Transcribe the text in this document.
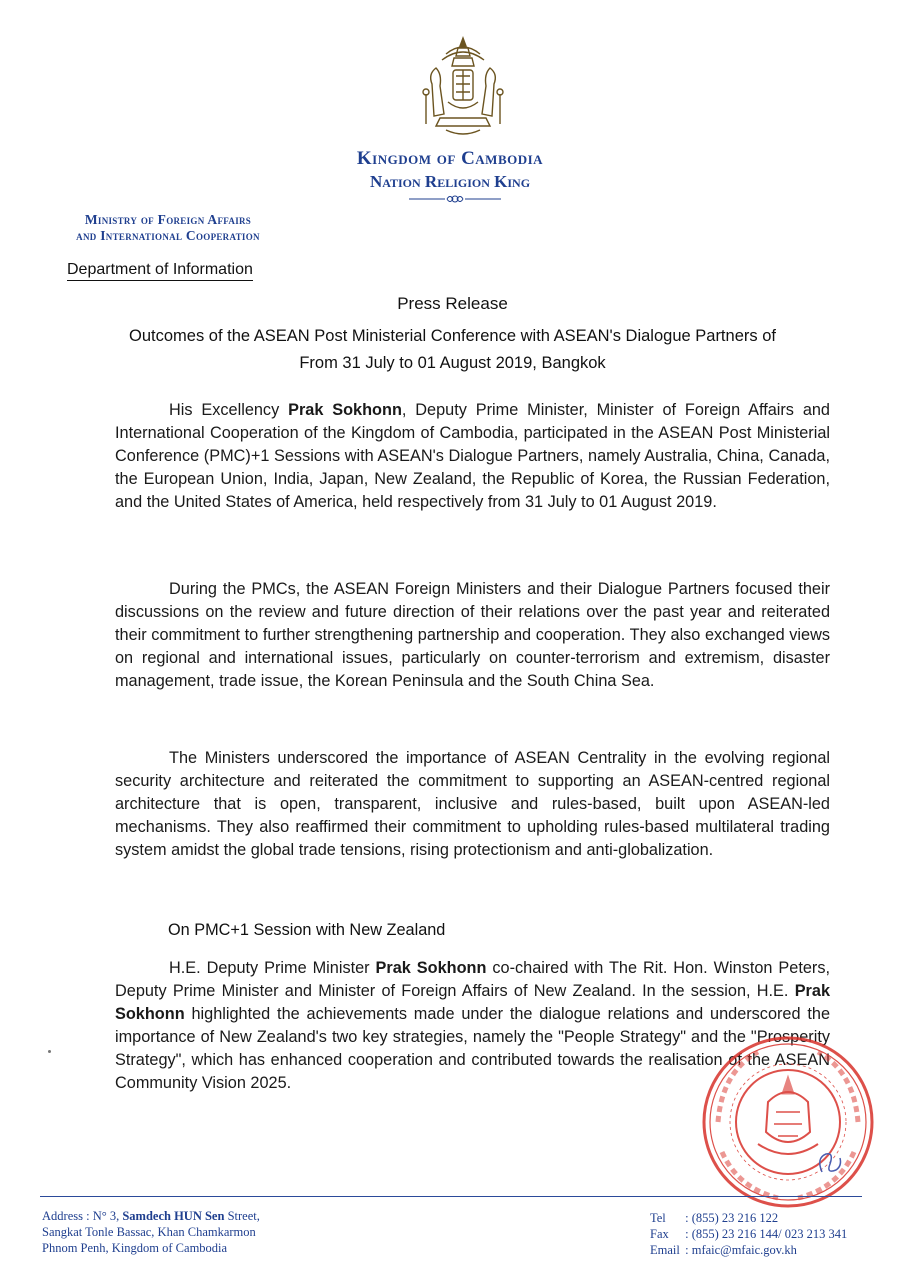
Kingdom of Cambodia
Nation Religion King
Ministry of Foreign Affairs
and International Cooperation
Department of Information
Press Release
Outcomes of the ASEAN Post Ministerial Conference with ASEAN's Dialogue Partners of
From 31 July to 01 August 2019, Bangkok

His Excellency Prak Sokhonn, Deputy Prime Minister, Minister of Foreign Affairs and International Cooperation of the Kingdom of Cambodia, participated in the ASEAN Post Ministerial Conference (PMC)+1 Sessions with ASEAN's Dialogue Partners, namely Australia, China, Canada, the European Union, India, Japan, New Zealand, the Republic of Korea, the Russian Federation, and the United States of America, held respectively from 31 July to 01 August 2019.

During the PMCs, the ASEAN Foreign Ministers and their Dialogue Partners focused their discussions on the review and future direction of their relations over the past year and reiterated their commitment to further strengthening partnership and cooperation. They also exchanged views on regional and international issues, particularly on counter-terrorism and extremism, disaster management, trade issue, the Korean Peninsula and the South China Sea.

The Ministers underscored the importance of ASEAN Centrality in the evolving regional security architecture and reiterated the commitment to supporting an ASEAN-centred regional architecture that is open, transparent, inclusive and rules-based, built upon ASEAN-led mechanisms. They also reaffirmed their commitment to upholding rules-based multilateral trading system amidst the global trade tensions, rising protectionism and anti-globalization.

On PMC+1 Session with New Zealand

H.E. Deputy Prime Minister Prak Sokhonn co-chaired with The Rit. Hon. Winston Peters, Deputy Prime Minister and Minister of Foreign Affairs of New Zealand. In the session, H.E. Prak Sokhonn highlighted the achievements made under the dialogue relations and underscored the importance of New Zealand's two key strategies, namely the "People Strategy" and the "Prosperity Strategy", which has enhanced cooperation and contributed towards the realisation of the ASEAN Community Vision 2025.

Address : N° 3, Samdech HUN Sen Street,
Sangkat Tonle Bassac, Khan Chamkarmon
Phnom Penh, Kingdom of Cambodia
Tel : (855) 23 216 122
Fax : (855) 23 216 144/ 023 213 341
Email : mfaic@mfaic.gov.kh
